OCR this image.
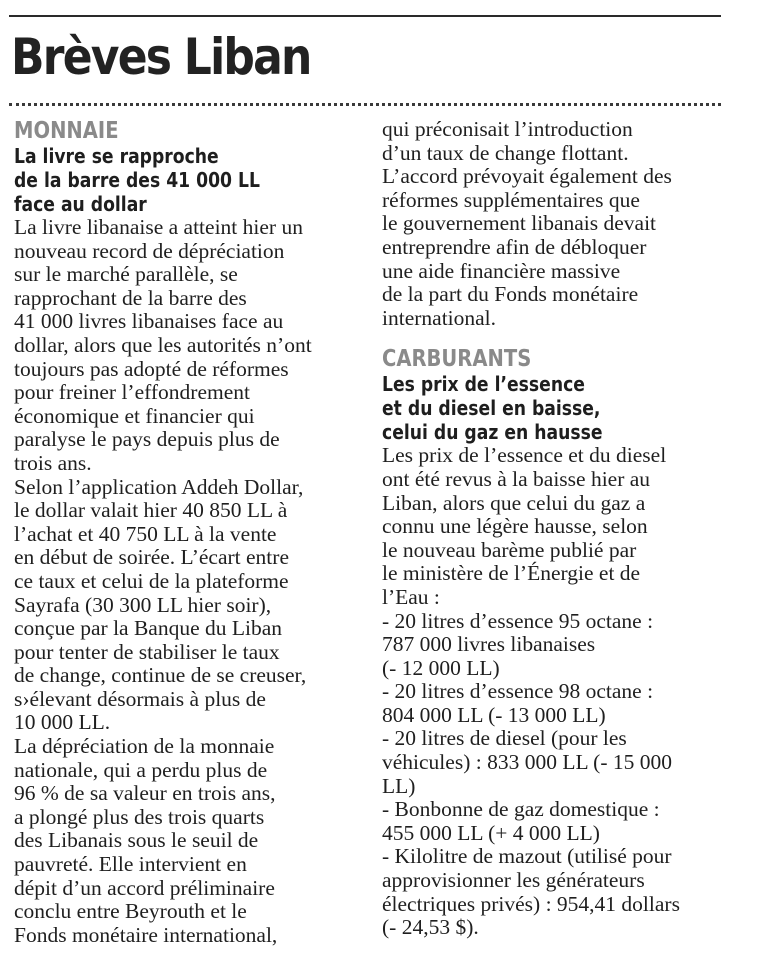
Brèves Liban
MONNAIE
La livre se rapproche
de la barre des 41 000 LL
face au dollar
La livre libanaise a atteint hier un
nouveau record de dépréciation
sur le marché parallèle, se
rapprochant de la barre des
41 000 livres libanaises face au
dollar, alors que les autorités n’ont
toujours pas adopté de réformes
pour freiner l’effondrement
économique et financier qui
paralyse le pays depuis plus de
trois ans.
Selon l’application Addeh Dollar,
le dollar valait hier 40 850 LL à
l’achat et 40 750 LL à la vente
en début de soirée. L’écart entre
ce taux et celui de la plateforme
Sayrafa (30 300 LL hier soir),
conçue par la Banque du Liban
pour tenter de stabiliser le taux
de change, continue de se creuser,
s›élevant désormais à plus de
10 000 LL.
La dépréciation de la monnaie
nationale, qui a perdu plus de
96 % de sa valeur en trois ans,
a plongé plus des trois quarts
des Libanais sous le seuil de
pauvreté. Elle intervient en
dépit d’un accord préliminaire
conclu entre Beyrouth et le
Fonds monétaire international,
qui préconisait l’introduction
d’un taux de change flottant.
L’accord prévoyait également des
réformes supplémentaires que
le gouvernement libanais devait
entreprendre afin de débloquer
une aide financière massive
de la part du Fonds monétaire
international.
CARBURANTS
Les prix de l’essence
et du diesel en baisse,
celui du gaz en hausse
Les prix de l’essence et du diesel
ont été revus à la baisse hier au
Liban, alors que celui du gaz a
connu une légère hausse, selon
le nouveau barème publié par
le ministère de l’Énergie et de
l’Eau :
- 20 litres d’essence 95 octane :
787 000 livres libanaises
(- 12 000 LL)
- 20 litres d’essence 98 octane :
804 000 LL (- 13 000 LL)
- 20 litres de diesel (pour les
véhicules) : 833 000 LL (- 15 000
LL)
- Bonbonne de gaz domestique :
455 000 LL (+ 4 000 LL)
- Kilolitre de mazout (utilisé pour
approvisionner les générateurs
électriques privés) : 954,41 dollars
(- 24,53 $).
